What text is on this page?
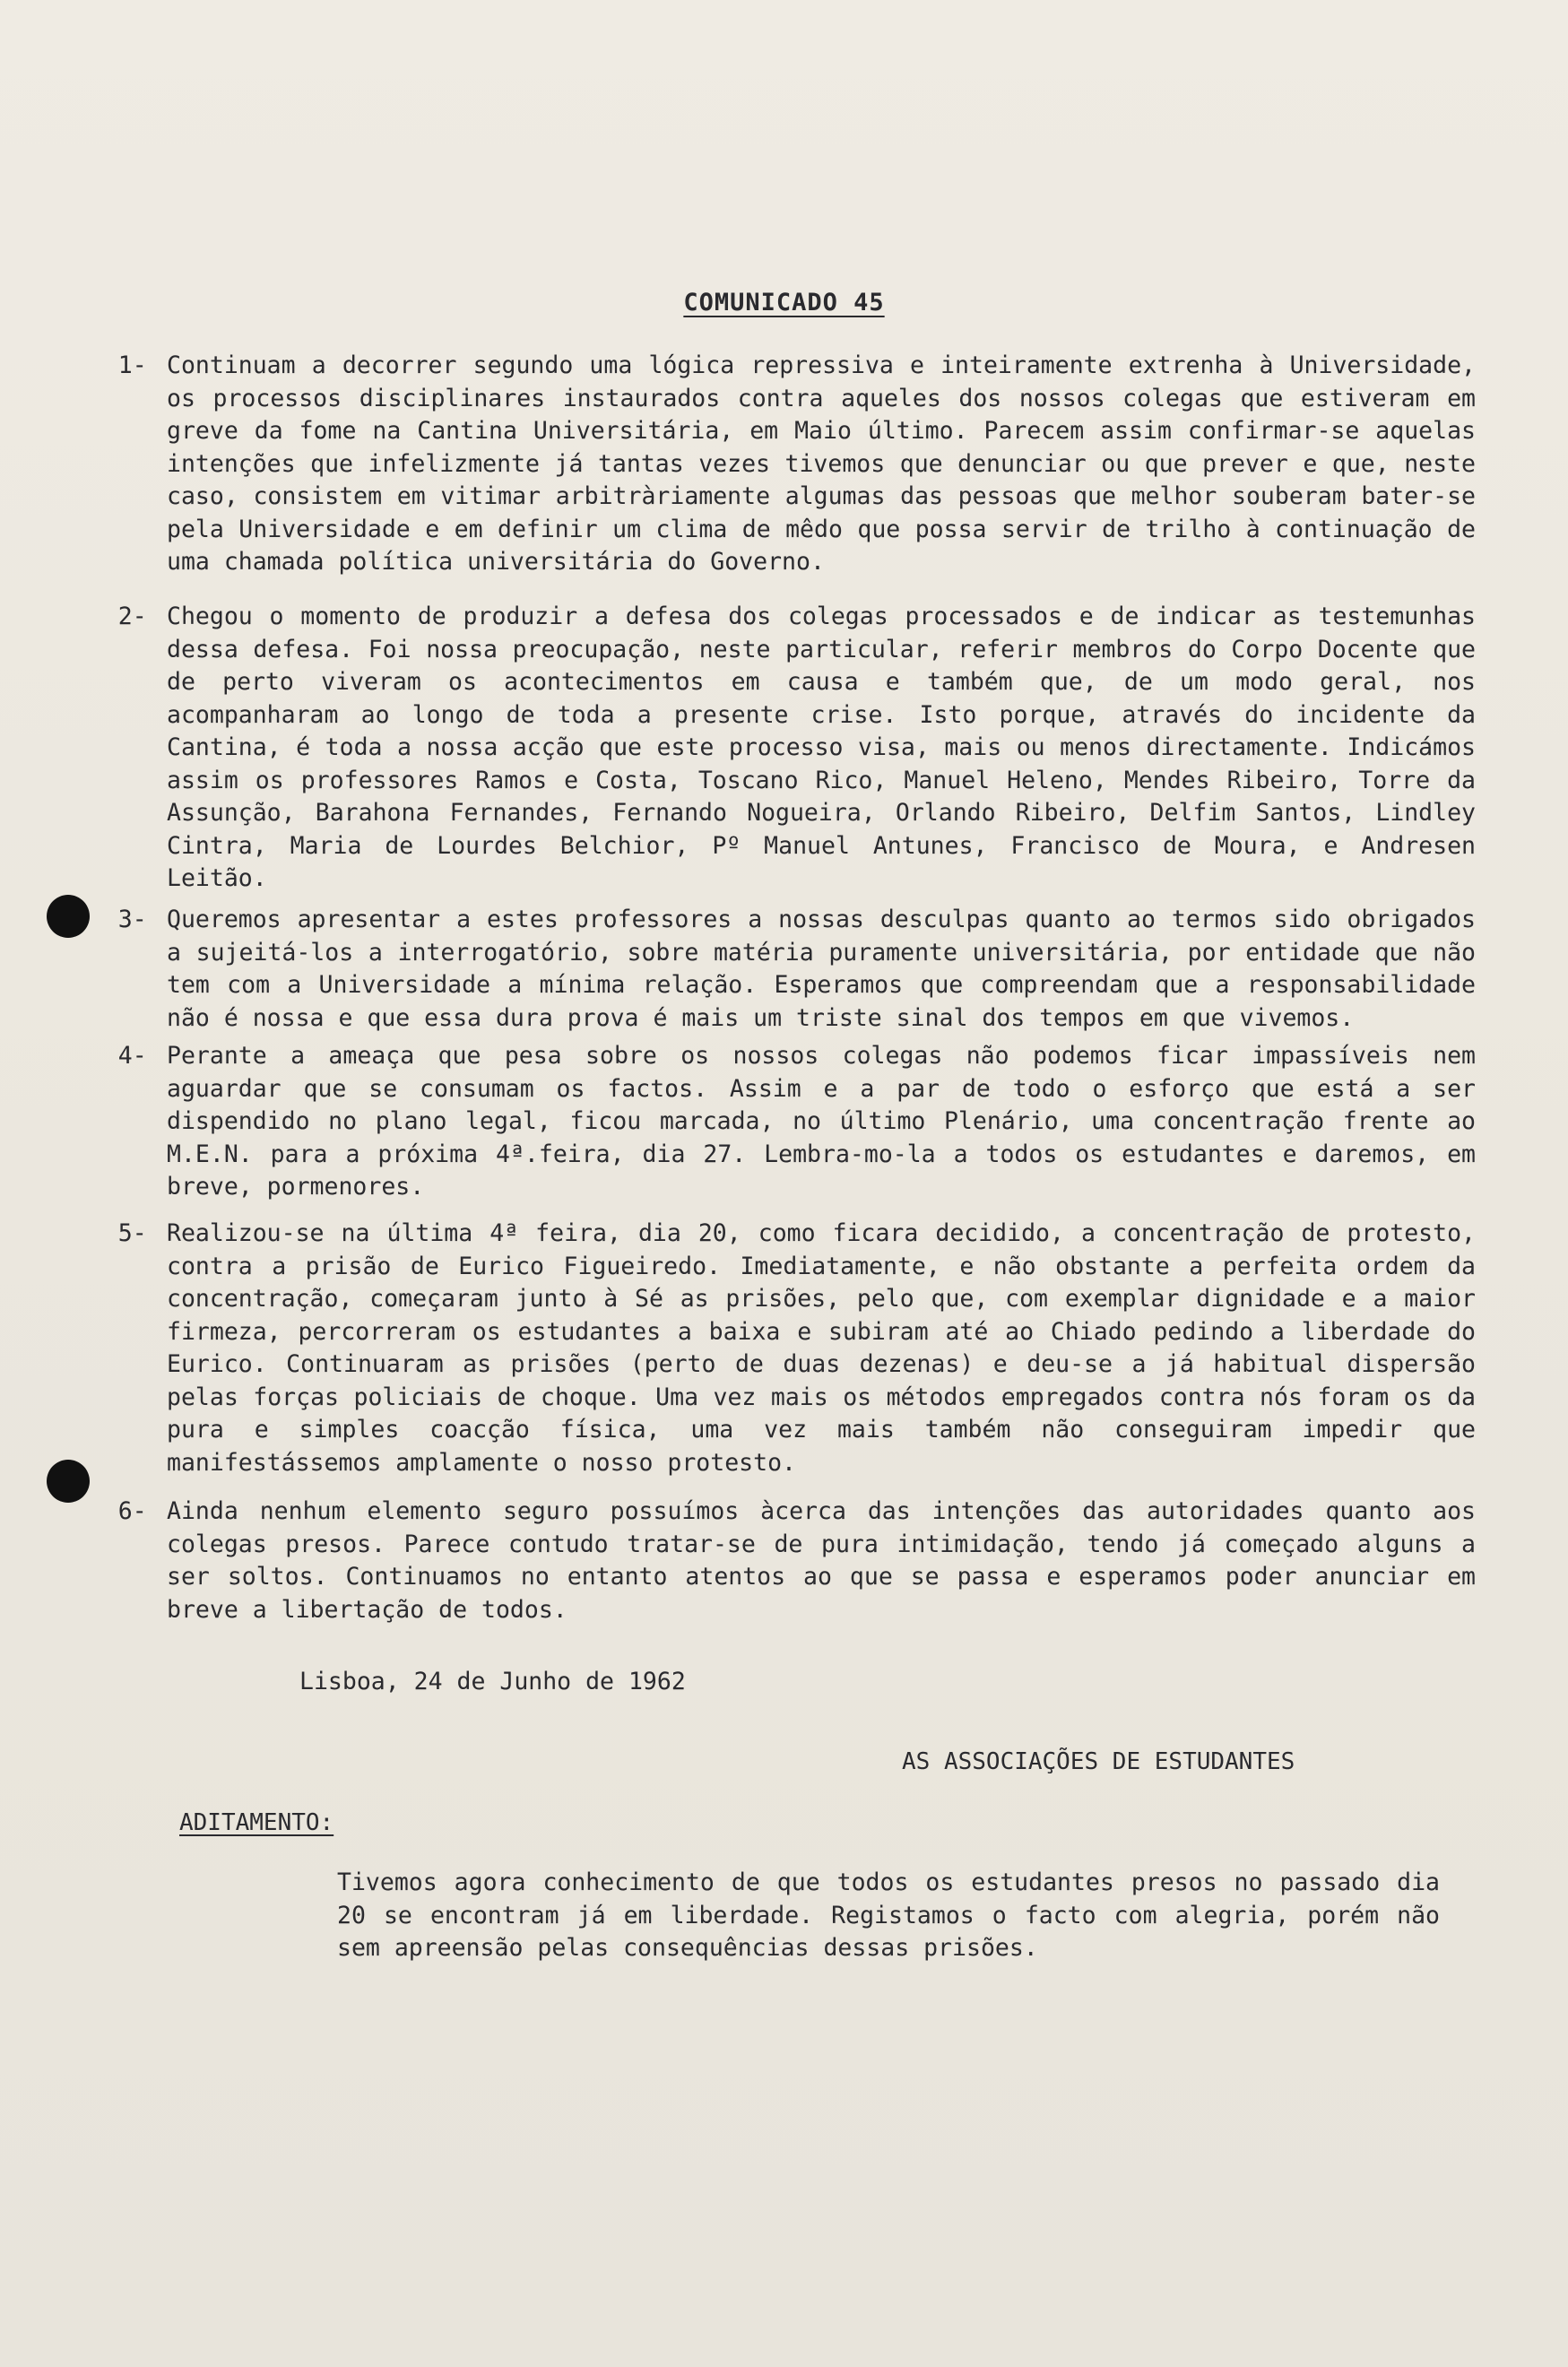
COMUNICADO 45
1- Continuam a decorrer segundo uma lógica repressiva e inteiramente extrenha à Universidade, os processos disciplinares instaurados contra aqueles dos nossos colegas que estiveram em greve da fome na Cantina Universitária, em Maio último. Parecem assim confirmar-se aquelas intenções que infelizmente já tantas vezes tivemos que denunciar ou que prever e que, neste caso, consistem em vitimar arbitràriamente algumas das pessoas que melhor souberam bater-se pela Universidade e em definir um clima de mêdo que possa servir de trilho à continuação de uma chamada política universitária do Governo.
2- Chegou o momento de produzir a defesa dos colegas processados e de indicar as testemunhas dessa defesa. Foi nossa preocupação, neste particular, referir membros do Corpo Docente que de perto viveram os acontecimentos em causa e também que, de um modo geral, nos acompanharam ao longo de toda a presente crise. Isto porque, através do incidente da Cantina, é toda a nossa acção que este processo visa, mais ou menos directamente. Indicámos assim os professores Ramos e Costa, Toscano Rico, Manuel Heleno, Mendes Ribeiro, Torre da Assunção, Barahona Fernandes, Fernando Nogueira, Orlando Ribeiro, Delfim Santos, Lindley Cintra, Maria de Lourdes Belchior, Pº Manuel Antunes, Francisco de Moura, e Andresen Leitão.
3- Queremos apresentar a estes professores a nossas desculpas quanto ao termos sido obrigados a sujeitá-los a interrogatório, sobre matéria puramente universitária, por entidade que não tem com a Universidade a mínima relação. Esperamos que compreendam que a responsabilidade não é nossa e que essa dura prova é mais um triste sinal dos tempos em que vivemos.
4- Perante a ameaça que pesa sobre os nossos colegas não podemos ficar impassíveis nem aguardar que se consumam os factos. Assim e a par de todo o esforço que está a ser dispendido no plano legal, ficou marcada, no último Plenário, uma concentração frente ao M.E.N. para a próxima 4ª.feira, dia 27. Lembra-mo-la a todos os estudantes e daremos, em breve, pormenores.
5- Realizou-se na última 4ª feira, dia 20, como ficara decidido, a concentração de protesto, contra a prisão de Eurico Figueiredo. Imediatamente, e não obstante a perfeita ordem da concentração, começaram junto à Sé as prisões, pelo que, com exemplar dignidade e a maior firmeza, percorreram os estudantes a baixa e subiram até ao Chiado pedindo a liberdade do Eurico. Continuaram as prisões (perto de duas dezenas) e deu-se a já habitual dispersão pelas forças policiais de choque. Uma vez mais os métodos empregados contra nós foram os da pura e simples coacção física, uma vez mais também não conseguiram impedir que manifestássemos amplamente o nosso protesto.
6- Ainda nenhum elemento seguro possuímos àcerca das intenções das autoridades quanto aos colegas presos. Parece contudo tratar-se de pura intimidação, tendo já começado alguns a ser soltos. Continuamos no entanto atentos ao que se passa e esperamos poder anunciar em breve a libertação de todos.
Lisboa, 24 de Junho de 1962
AS ASSOCIAÇÕES DE ESTUDANTES
ADITAMENTO:
Tivemos agora conhecimento de que todos os estudantes presos no passado dia 20 se encontram já em liberdade. Registamos o facto com alegria, porém não sem apreensão pelas consequências dessas prisões.
